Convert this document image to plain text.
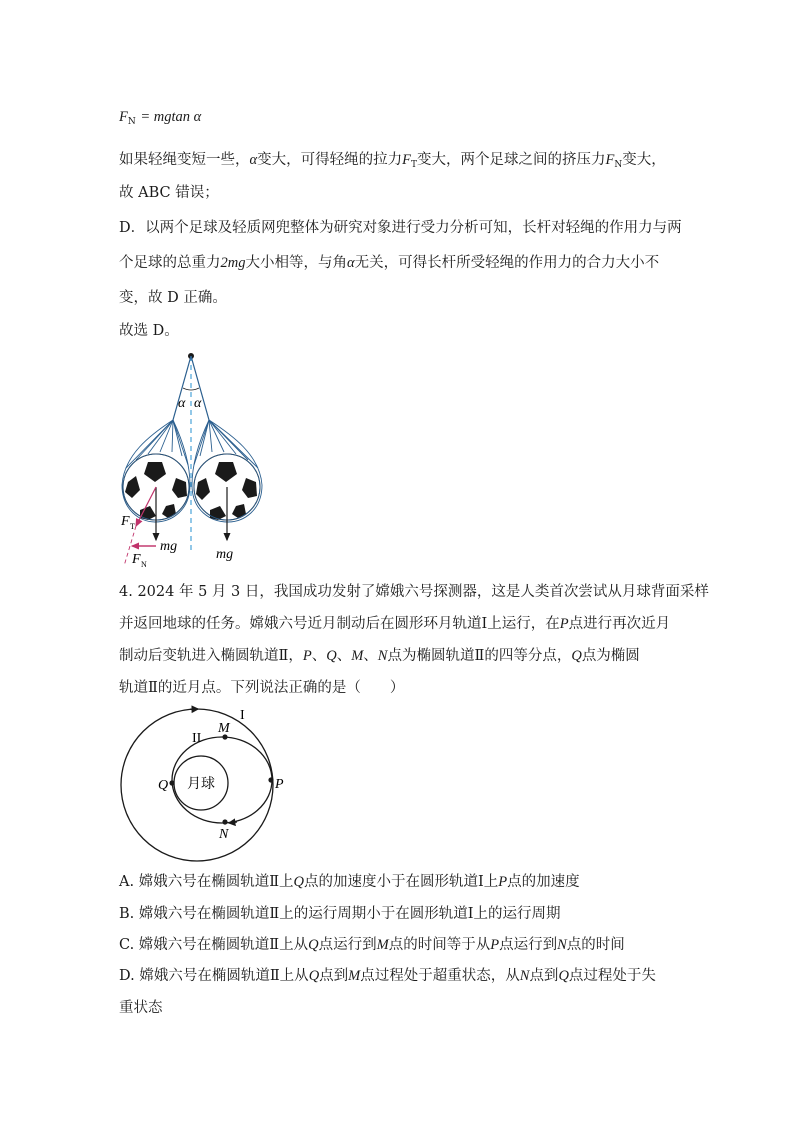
$F_N = mgtan$ α
如果轻绳变短一些，α变大，可得轻绳的拉力$F_T$变大，两个足球之间的挤压力$F_N$变大，
故 ABC 错误；
D．以两个足球及轻质网兜整体为研究对象进行受力分析可知，长杆对轻绳的作用力与两
个足球的总重力2mg大小相等，与角α无关，可得长杆所受轻绳的作用力的合力大小不
变，故 D 正确。
故选 D。
α α
F T
F N
mg
mg
4. 2024 年 5 月 3 日，我国成功发射了嫦娥六号探测器，这是人类首次尝试从月球背面采样
并返回地球的任务。嫦娥六号近月制动后在圆形环月轨道Ⅰ上运行，在P点进行再次近月
制动后变轨进入椭圆轨道Ⅱ，P、Q、M、N点为椭圆轨道Ⅱ的四等分点，Q点为椭圆
轨道Ⅱ的近月点。下列说法正确的是（　　）
月球
I
II
M
Q	P
N
A. 嫦娥六号在椭圆轨道Ⅱ上Q点的加速度小于在圆形轨道Ⅰ上P点的加速度
B. 嫦娥六号在椭圆轨道Ⅱ上的运行周期小于在圆形轨道Ⅰ上的运行周期
C. 嫦娥六号在椭圆轨道Ⅱ上从Q点运行到M点的时间等于从P点运行到N点的时间
D. 嫦娥六号在椭圆轨道Ⅱ上从Q点到M点过程处于超重状态，从N点到Q点过程处于失
重状态
